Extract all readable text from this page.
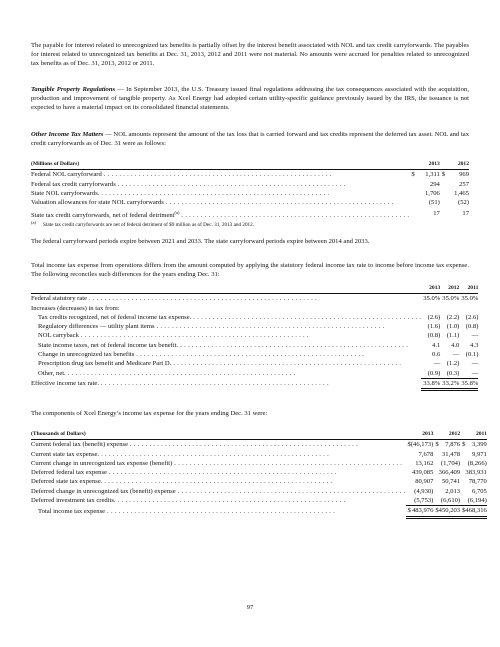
The payable for interest related to unrecognized tax benefits is partially offset by the interest benefit associated with NOL and tax credit carryforwards. The payables for interest related to unrecognized tax benefits at Dec. 31, 2013, 2012 and 2011 were not material. No amounts were accrued for penalties related to unrecognized tax benefits as of Dec. 31, 2013, 2012 or 2011.

Tangible Property Regulations — In September 2013, the U.S. Treasury issued final regulations addressing the tax consequences associated with the acquisition, production and improvement of tangible property. As Xcel Energy had adopted certain utility-specific guidance previously issued by the IRS, the issuance is not expected to have a material impact on its consolidated financial statements.

Other Income Tax Matters — NOL amounts represent the amount of the tax loss that is carried forward and tax credits represent the deferred tax asset. NOL and tax credit carryforwards as of Dec. 31 were as follows:

(Millions of Dollars)		2013		2012	
Federal NOL carryforward . . .	$	1,311	$	969	
Federal tax credit carryforwards . . .		294		257	
State NOL carryforwards. . . .		1,706		1,465	
Valuation allowances for state NOL carryforwards . . .		(51)		(52)	
State tax credit carryforwards, net of federal detriment$^{(a)}$ . . .		17		17	
(a) State tax credit carryforwards are net of federal detriment of $9 million as of Dec. 31, 2013 and 2012.

The federal carryforward periods expire between 2021 and 2033. The state carryforward periods expire between 2014 and 2033.

Total income tax expense from operations differs from the amount computed by applying the statutory federal income tax rate to income before income tax expense. The following reconciles such differences for the years ending Dec. 31:

		2013		2012		2011	
Federal statutory rate . . .		35.0%		35.0%		35.0%	
Increases (decreases) in tax from:							
Tax credits recognized, net of federal income tax expense. . . .		(2.6)		(2.2)		(2.6)	
Regulatory differences — utility plant items . . .		(1.6)		(1.0)		(0.8)	
NOL carryback . . .		(0.8)		(1.1)		—	
State income taxes, net of federal income tax benefit. . . .		4.1		4.0		4.3	
Change in unrecognized tax benefits . . .		0.6		—		(0.1)	
Prescription drug tax benefit and Medicare Part D. . . .		—		(1.2)		—	
Other, net. . . .		(0.9)		(0.3)		—	
Effective income tax rate. . . .		33.8%		33.2%		35.8%	

The components of Xcel Energy’s income tax expense for the years ending Dec. 31 were:

(Thousands of Dollars)		2013		2012		2011	
Current federal tax (benefit) expense . . .	$	(46,173)	$	7,876	$	3,399	
Current state tax expense. . . .		7,678		31,478		9,971	
Current change in unrecognized tax expense (benefit) . . .		13,162		(1,704)		(8,266)	
Deferred federal tax expense . . .		439,085		366,409		383,931	
Deferred state tax expense. . . .		80,907		50,741		78,770	
Deferred change in unrecognized tax (benefit) expense . . .		(4,930)		2,013		6,705	
Deferred investment tax credits. . . .		(5,753)		(6,610)		(6,194)	
Total income tax expense . . .	$	483,976	$	450,203	$	468,316	
97
